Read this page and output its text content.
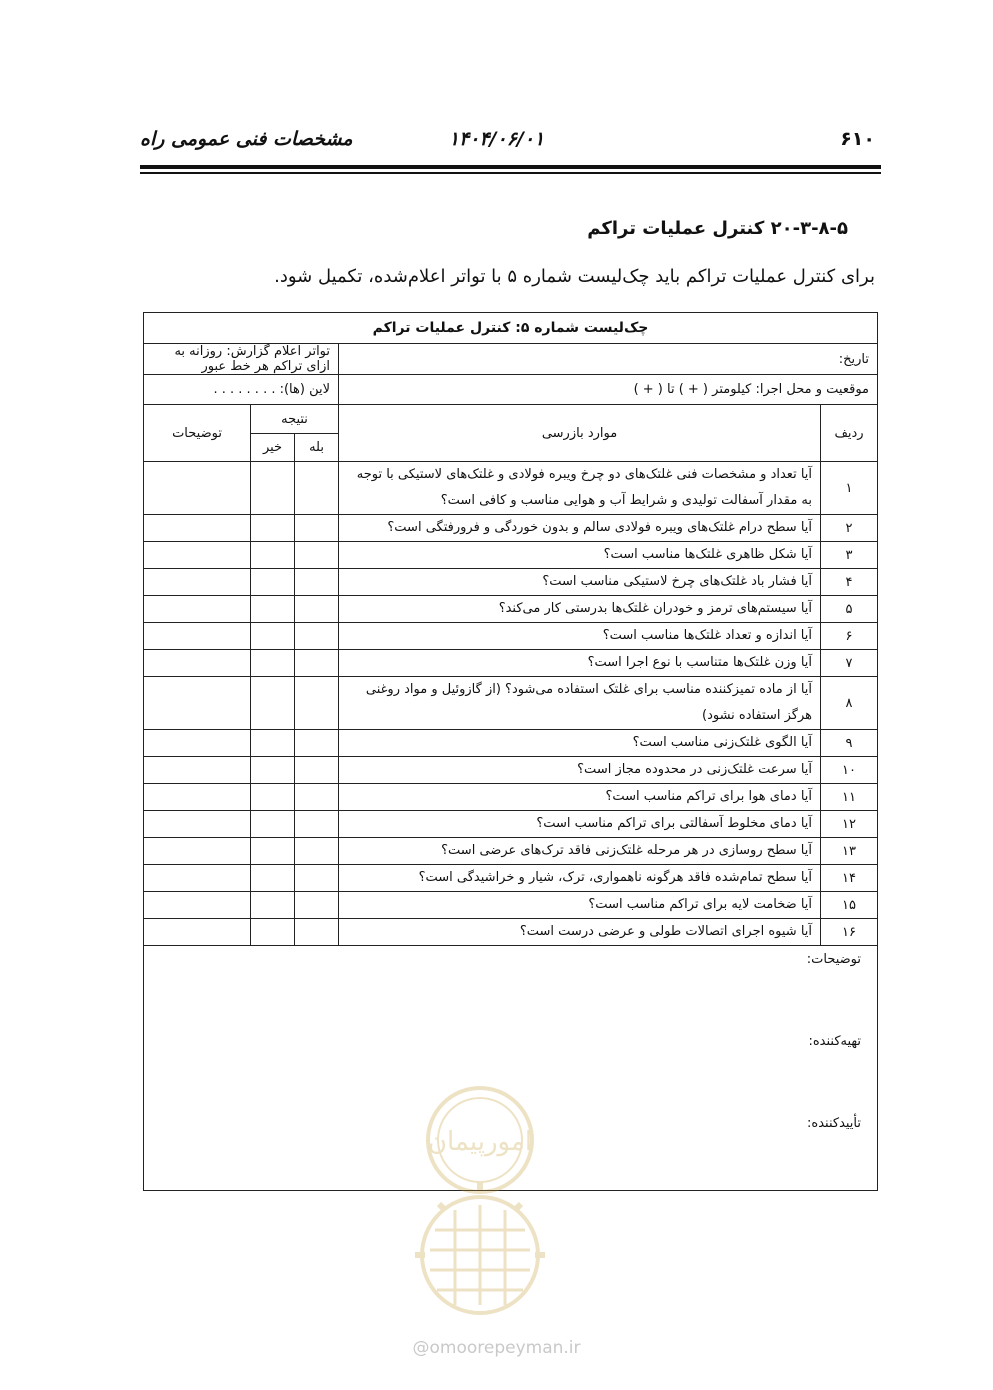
مشخصات فنی عمومی راه	۱۴۰۴/۰۶/۰۱	۶۱۰
۲۰-۳-۸-۵ کنترل عملیات تراکم
برای کنترل عملیات تراکم باید چک‌لیست شماره ۵ با تواتر اعلام‌شده، تکمیل شود.
چک‌لیست شماره ۵: کنترل عملیات تراکم				
تاریخ:		تواتر اعلام گزارش: روزانه به ازای تراکم هر خط عبور		
موقعیت و محل اجرا: کیلومتر ( + ) تا ( + )		لاین (ها): . . . . . . . .		
ردیف	موارد بازرسی	نتیجه		توضیحات
		بله	خیر	
۱	آیا تعداد و مشخصات فنی غلتک‌های دو چرخ ویبره فولادی و غلتک‌های لاستیکی با توجه به مقدار آسفالت تولیدی و شرایط آب و هوایی مناسب و کافی است؟			
۲	آیا سطح درام غلتک‌های ویبره فولادی سالم و بدون خوردگی و فرورفتگی است؟			
۳	آیا شکل ظاهری غلتک‌ها مناسب است؟			
۴	آیا فشار باد غلتک‌های چرخ لاستیکی مناسب است؟			
۵	آیا سیستم‌های ترمز و خودران غلتک‌ها بدرستی کار می‌کند؟			
۶	آیا اندازه و تعداد غلتک‌ها مناسب است؟			
۷	آیا وزن غلتک‌ها متناسب با نوع اجرا است؟			
۸	آیا از ماده تمیزکننده مناسب برای غلتک استفاده می‌شود؟ (از گازوئیل و مواد روغنی هرگز استفاده نشود)			
۹	آیا الگوی غلتک‌زنی مناسب است؟			
۱۰	آیا سرعت غلتک‌زنی در محدوده مجاز است؟			
۱۱	آیا دمای هوا برای تراکم مناسب است؟			
۱۲	آیا دمای مخلوط آسفالتی برای تراکم مناسب است؟			
۱۳	آیا سطح روسازی در هر مرحله غلتک‌زنی فاقد ترک‌های عرضی است؟			
۱۴	آیا سطح تمام‌شده فاقد هرگونه ناهمواری، ترک، شیار و خراشیدگی است؟			
۱۵	آیا ضخامت لایه برای تراکم مناسب است؟			
۱۶	آیا شیوه اجرای اتصالات طولی و عرضی درست است؟			

توضیحات:
تهیه‌کننده:
تأییدکننده:				
امورپیمان
@omoorepeyman.ir
